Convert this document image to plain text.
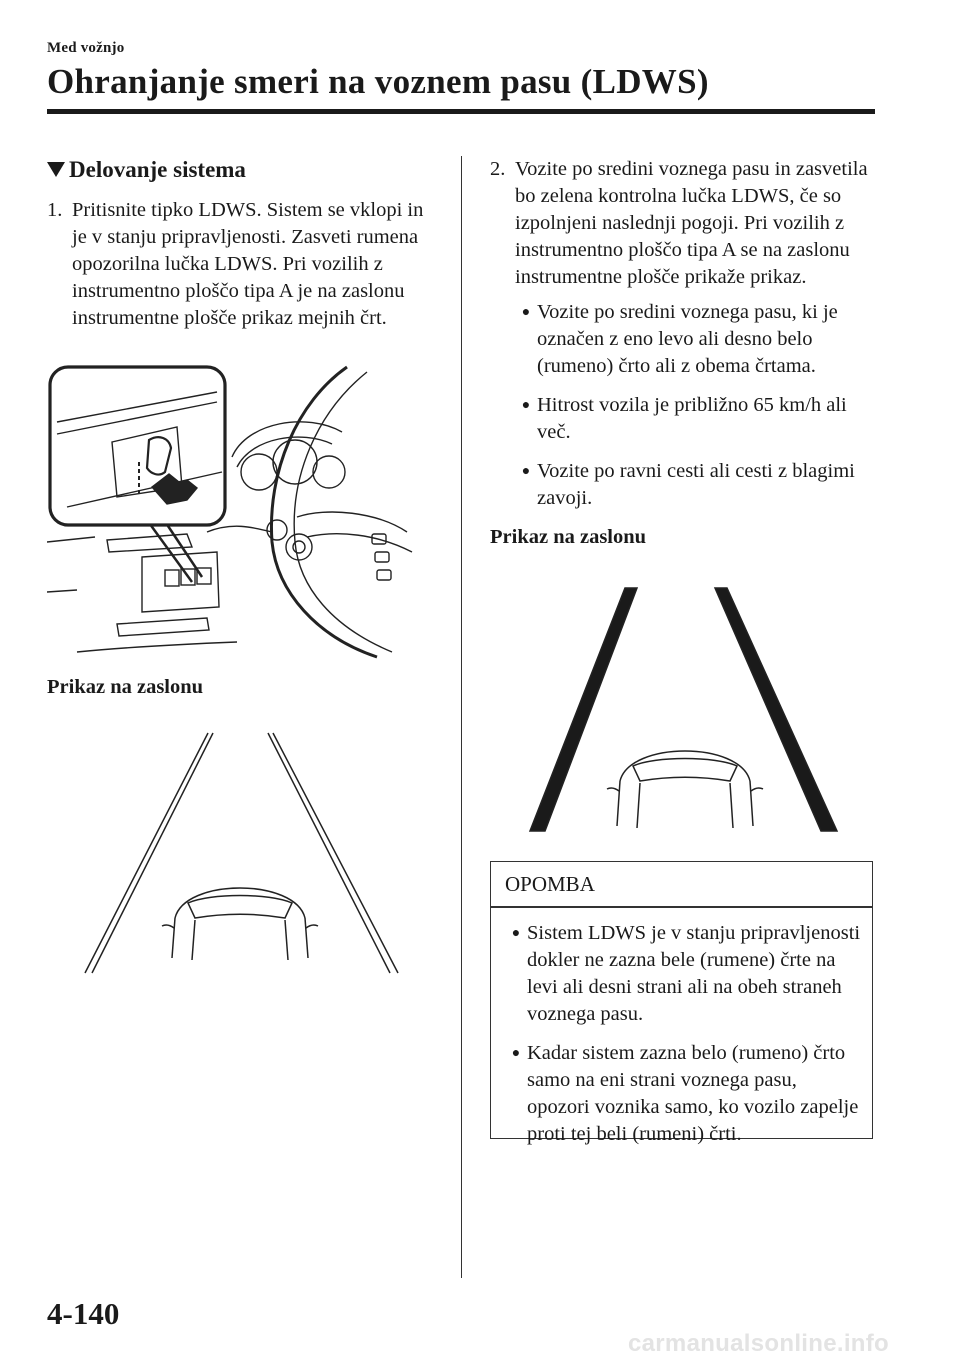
Med vožnjo
Ohranjanje smeri na voznem pasu (LDWS)
Delovanje sistema
1. Pritisnite tipko LDWS. Sistem se vklopi in je v stanju pripravljenosti. Zasveti rumena opozorilna lučka LDWS. Pri vozilih z instrumentno ploščo tipa A je na zaslonu instrumentne plošče prikaz mejnih črt.
Prikaz na zaslonu
2. Vozite po sredini voznega pasu in zasvetila bo zelena kontrolna lučka LDWS, če so izpolnjeni naslednji pogoji. Pri vozilih z instrumentno ploščo tipa A se na zaslonu instrumentne plošče prikaže prikaz.
● Vozite po sredini voznega pasu, ki je označen z eno levo ali desno belo (rumeno) črto ali z obema črtama.
● Hitrost vozila je približno 65 km/h ali več.
● Vozite po ravni cesti ali cesti z blagimi zavoji.
Prikaz na zaslonu
OPOMBA
● Sistem LDWS je v stanju pripravljenosti dokler ne zazna bele (rumene) črte na levi ali desni strani ali na obeh straneh voznega pasu.
● Kadar sistem zazna belo (rumeno) črto samo na eni strani voznega pasu, opozori voznika samo, ko vozilo zapelje proti tej beli (rumeni) črti.
4-140
carmanualsonline.info
